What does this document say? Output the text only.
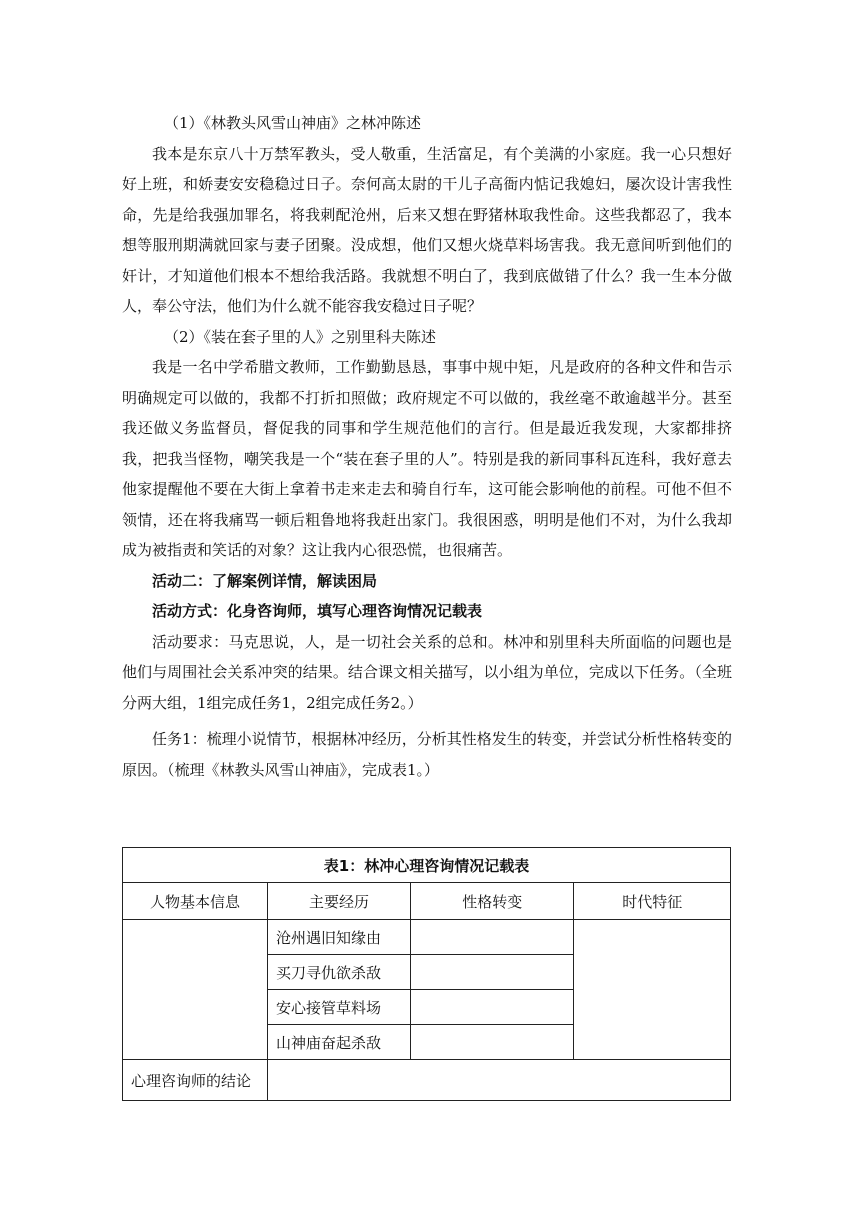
（1）《林教头风雪山神庙》之林冲陈述

我本是东京八十万禁军教头，受人敬重，生活富足，有个美满的小家庭。我一心只想好好上班，和娇妻安安稳稳过日子。奈何高太尉的干儿子高衙内惦记我媳妇，屡次设计害我性命，先是给我强加罪名，将我刺配沧州，后来又想在野猪林取我性命。这些我都忍了，我本想等服刑期满就回家与妻子团聚。没成想，他们又想火烧草料场害我。我无意间听到他们的奸计，才知道他们根本不想给我活路。我就想不明白了，我到底做错了什么？我一生本分做人，奉公守法，他们为什么就不能容我安稳过日子呢？

（2）《装在套子里的人》之别里科夫陈述

我是一名中学希腊文教师，工作勤勤恳恳，事事中规中矩，凡是政府的各种文件和告示明确规定可以做的，我都不打折扣照做；政府规定不可以做的，我丝毫不敢逾越半分。甚至我还做义务监督员，督促我的同事和学生规范他们的言行。但是最近我发现，大家都排挤我，把我当怪物，嘲笑我是一个“装在套子里的人”。特别是我的新同事科瓦连科，我好意去他家提醒他不要在大街上拿着书走来走去和骑自行车，这可能会影响他的前程。可他不但不领情，还在将我痛骂一顿后粗鲁地将我赶出家门。我很困惑，明明是他们不对，为什么我却成为被指责和笑话的对象？这让我内心很恐慌，也很痛苦。

活动二：了解案例详情，解读困局

活动方式：化身咨询师，填写心理咨询情况记载表

活动要求：马克思说，人，是一切社会关系的总和。林冲和别里科夫所面临的问题也是他们与周围社会关系冲突的结果。结合课文相关描写，以小组为单位，完成以下任务。（全班分两大组，1组完成任务1，2组完成任务2。）

任务1：梳理小说情节，根据林冲经历，分析其性格发生的转变，并尝试分析性格转变的原因。（梳理《林教头风雪山神庙》，完成表1。）

表1：林冲心理咨询情况记载表			
人物基本信息	主要经历	性格转变	时代特征
	沧州遇旧知缘由		
	买刀寻仇欲杀敌		
	安心接管草料场		
	山神庙奋起杀敌		
心理咨询师的结论			
